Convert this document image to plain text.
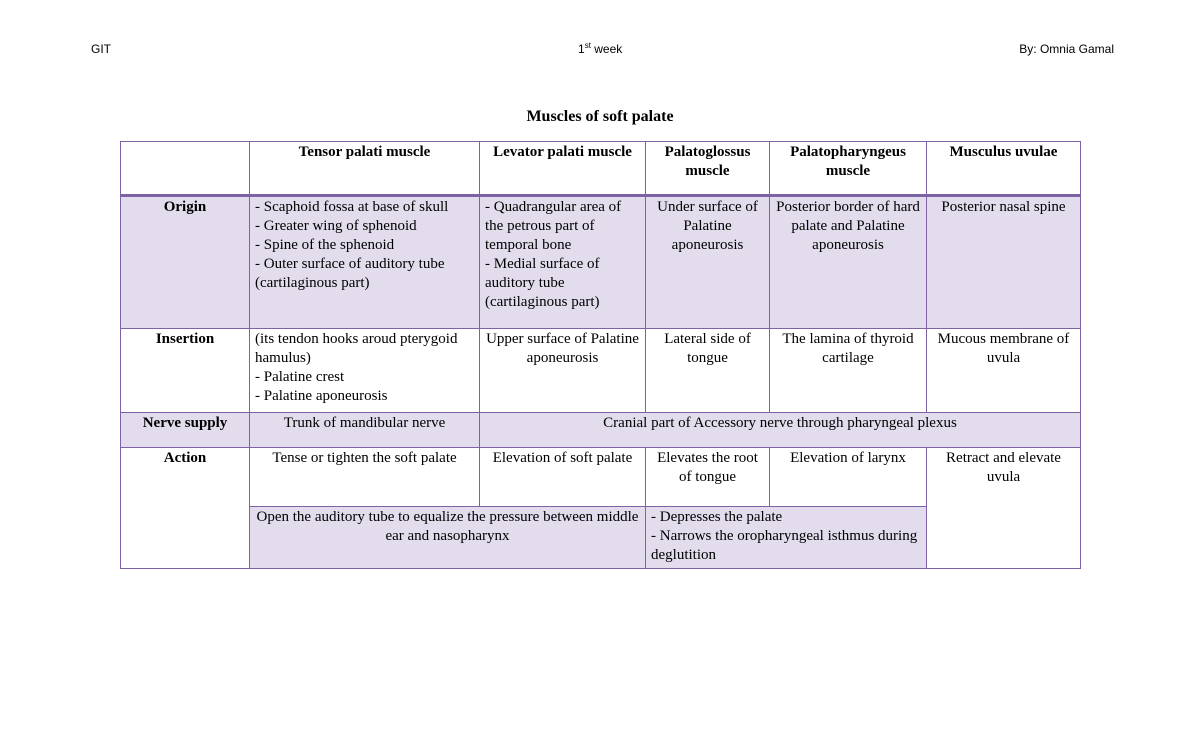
GIT	1st week	By: Omnia Gamal
Muscles of soft palate
	Tensor palati muscle	Levator palati muscle	Palatoglossus muscle	Palatopharyngeus muscle	Musculus uvulae
Origin	- Scaphoid fossa at base of skull
- Greater wing of sphenoid
- Spine of the sphenoid
- Outer surface of auditory tube (cartilaginous part)	- Quadrangular area of the petrous part of temporal bone
- Medial surface of auditory tube (cartilaginous part)	Under surface of Palatine aponeurosis	Posterior border of hard palate and Palatine aponeurosis	Posterior nasal spine
Insertion	(its tendon hooks aroud pterygoid hamulus)
- Palatine crest
- Palatine aponeurosis	Upper surface of Palatine aponeurosis	Lateral side of tongue	The lamina of thyroid cartilage	Mucous membrane of uvula
Nerve supply	Trunk of mandibular nerve	Cranial part of Accessory nerve through pharyngeal plexus			
Action	Tense or tighten the soft palate	Elevation of soft palate	Elevates the root of tongue	Elevation of larynx	Retract and elevate uvula
	Open the auditory tube to equalize the pressure between middle ear and nasopharynx		- Depresses the palate
- Narrows the oropharyngeal isthmus during deglutition		
